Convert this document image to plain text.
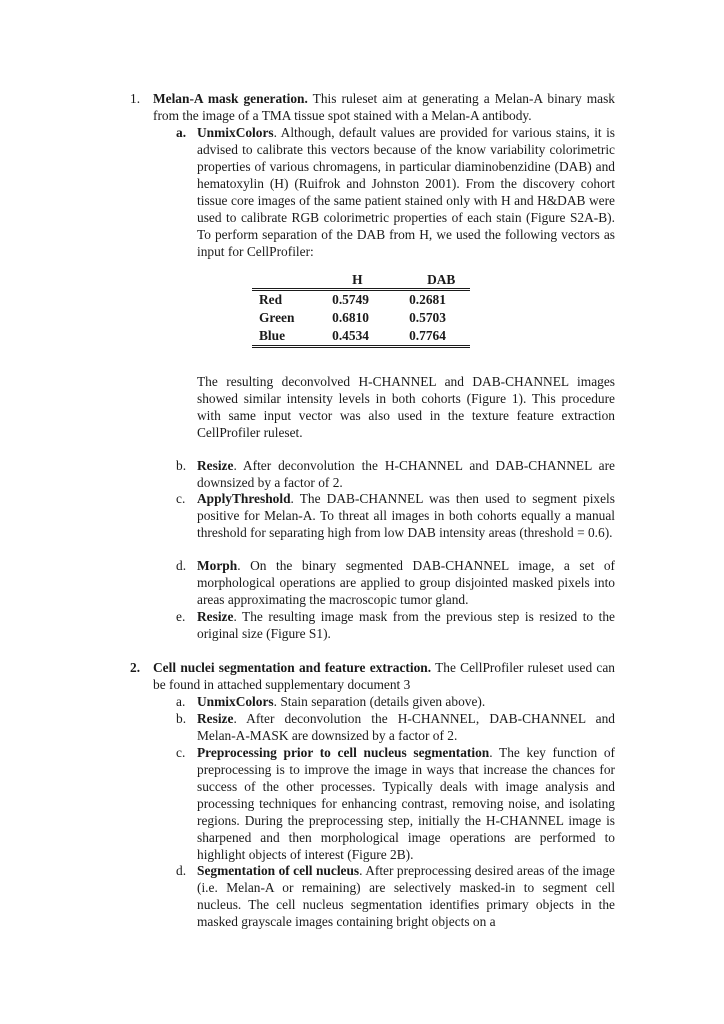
1. Melan-A mask generation. This ruleset aim at generating a Melan-A binary mask from the image of a TMA tissue spot stained with a Melan-A antibody.
a. UnmixColors. Although, default values are provided for various stains, it is advised to calibrate this vectors because of the know variability colorimetric properties of various chromagens, in particular diaminobenzidine (DAB) and hematoxylin (H) (Ruifrok and Johnston 2001). From the discovery cohort tissue core images of the same patient stained only with H and H&DAB were used to calibrate RGB colorimetric properties of each stain (Figure S2A-B). To perform separation of the DAB from H, we used the following vectors as input for CellProfiler:
	H	DAB
Red	0.5749	0.2681
Green	0.6810	0.5703
Blue	0.4534	0.7764
The resulting deconvolved H-CHANNEL and DAB-CHANNEL images showed similar intensity levels in both cohorts (Figure 1). This procedure with same input vector was also used in the texture feature extraction CellProfiler ruleset.
b. Resize. After deconvolution the H-CHANNEL and DAB-CHANNEL are downsized by a factor of 2.
c. ApplyThreshold. The DAB-CHANNEL was then used to segment pixels positive for Melan-A. To threat all images in both cohorts equally a manual threshold for separating high from low DAB intensity areas (threshold = 0.6).
d. Morph. On the binary segmented DAB-CHANNEL image, a set of morphological operations are applied to group disjointed masked pixels into areas approximating the macroscopic tumor gland.
e. Resize. The resulting image mask from the previous step is resized to the original size (Figure S1).
2. Cell nuclei segmentation and feature extraction. The CellProfiler ruleset used can be found in attached supplementary document 3
a. UnmixColors. Stain separation (details given above).
b. Resize. After deconvolution the H-CHANNEL, DAB-CHANNEL and Melan-A-MASK are downsized by a factor of 2.
c. Preprocessing prior to cell nucleus segmentation. The key function of preprocessing is to improve the image in ways that increase the chances for success of the other processes. Typically deals with image analysis and processing techniques for enhancing contrast, removing noise, and isolating regions. During the preprocessing step, initially the H-CHANNEL image is sharpened and then morphological image operations are performed to highlight objects of interest (Figure 2B).
d. Segmentation of cell nucleus. After preprocessing desired areas of the image (i.e. Melan-A or remaining) are selectively masked-in to segment cell nucleus. The cell nucleus segmentation identifies primary objects in the masked grayscale images containing bright objects on a
